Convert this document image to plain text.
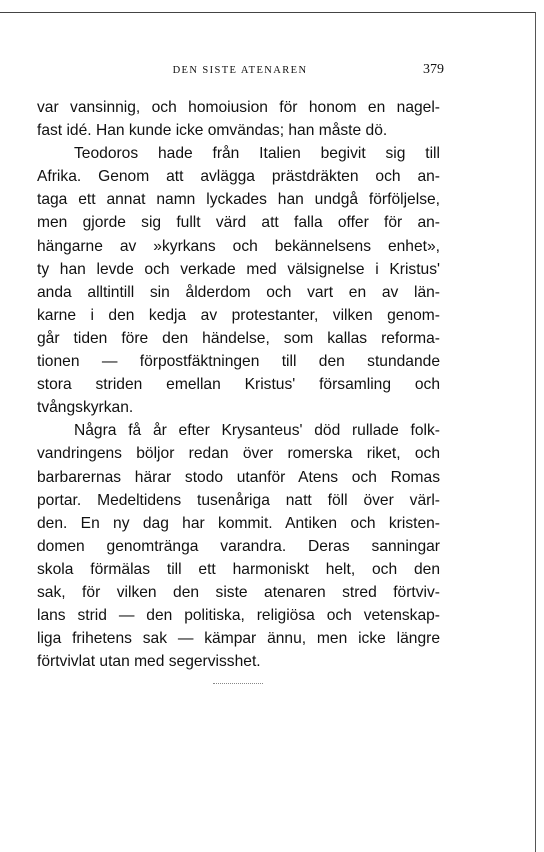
DEN SISTE ATENAREN	379

var vansinnig, och homoiusion för honom en nagel-
fast idé. Han kunde icke omvändas; han måste dö.

Teodoros hade från Italien begivit sig till
Afrika. Genom att avlägga prästdräkten och an-
taga ett annat namn lyckades han undgå förföljelse,
men gjorde sig fullt värd att falla offer för an-
hängarne av »kyrkans och bekännelsens enhet»,
ty han levde och verkade med välsignelse i Kristus'
anda alltintill sin ålderdom och vart en av län-
karne i den kedja av protestanter, vilken genom-
går tiden före den händelse, som kallas reforma-
tionen — förpostfäktningen till den stundande
stora striden emellan Kristus' församling och
tvångskyrkan.

Några få år efter Krysanteus' död rullade folk-
vandringens böljor redan över romerska riket, och
barbarernas härar stodo utanför Atens och Romas
portar. Medeltidens tusenåriga natt föll över värl-
den. En ny dag har kommit. Antiken och kristen-
domen genomtränga varandra. Deras sanningar
skola förmälas till ett harmoniskt helt, och den
sak, för vilken den siste atenaren stred förtviv-
lans strid — den politiska, religiösa och vetenskap-
liga frihetens sak — kämpar ännu, men icke längre
förtvivlat utan med segervisshet.
